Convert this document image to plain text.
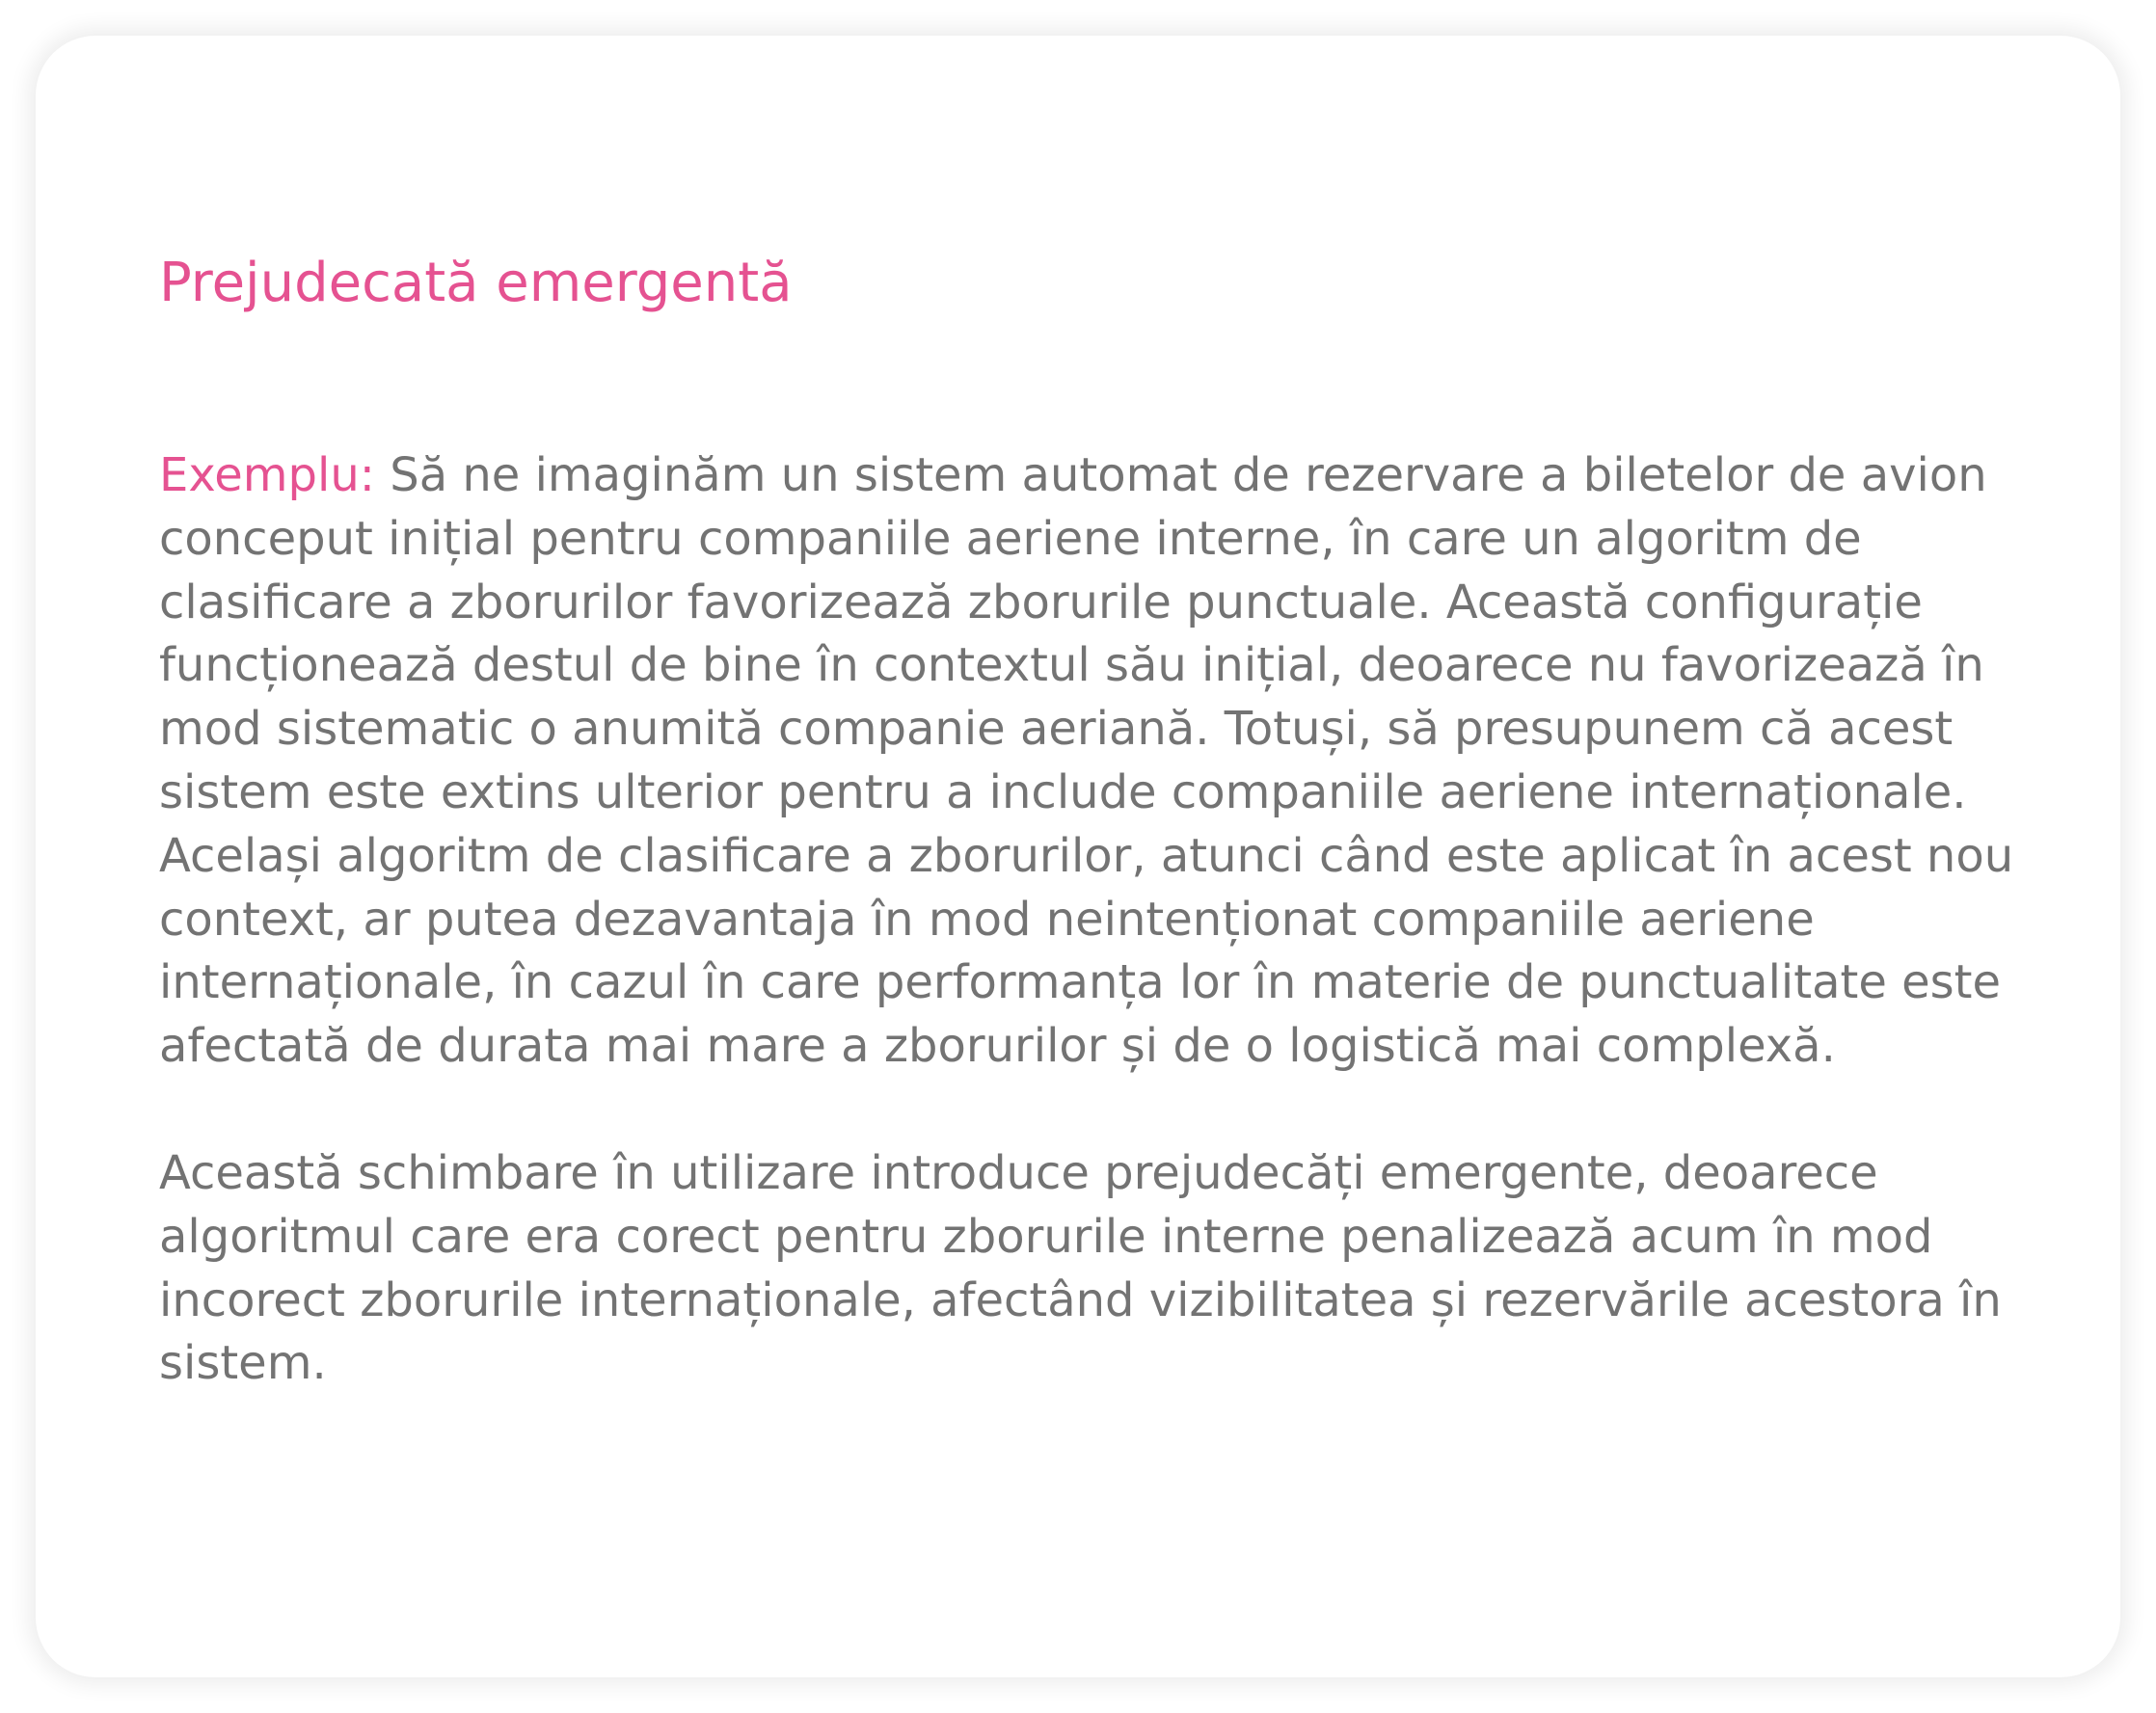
Prejudecată emergentă

Exemplu: Să ne imaginăm un sistem automat de rezervare a biletelor de avion conceput inițial pentru companiile aeriene interne, în care un algoritm de clasificare a zborurilor favorizează zborurile punctuale. Această configurație funcționează destul de bine în contextul său inițial, deoarece nu favorizează în mod sistematic o anumită companie aeriană. Totuși, să presupunem că acest sistem este extins ulterior pentru a include companiile aeriene internaționale. Același algoritm de clasificare a zborurilor, atunci când este aplicat în acest nou context, ar putea dezavantaja în mod neintenționat companiile aeriene internaționale, în cazul în care performanța lor în materie de punctualitate este afectată de durata mai mare a zborurilor și de o logistică mai complexă.

Această schimbare în utilizare introduce prejudecăți emergente, deoarece algoritmul care era corect pentru zborurile interne penalizează acum în mod incorect zborurile internaționale, afectând vizibilitatea și rezervările acestora în sistem.
